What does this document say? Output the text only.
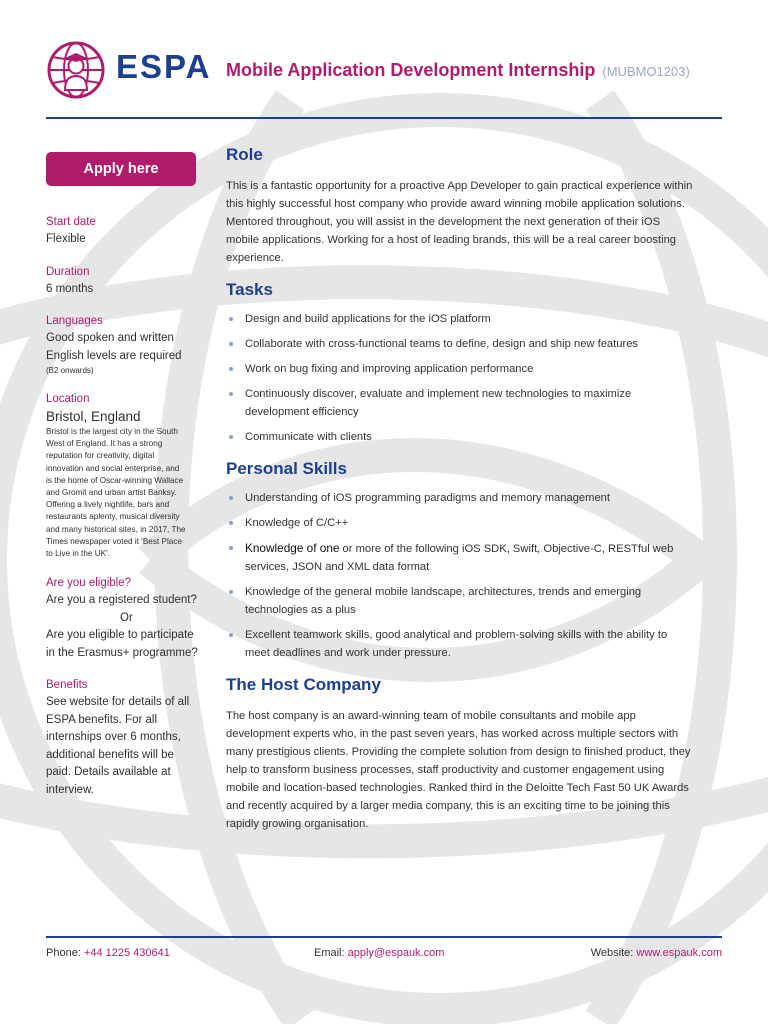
ESPA Mobile Application Development Internship (MUBMO1203)
Apply here
Start date
Flexible
Duration
6 months
Languages
Good spoken and written
English levels are required
(B2 onwards)
Location
Bristol, England
Bristol is the largest city in the South
West of England. It has a strong
reputation for creativity, digital
innovation and social enterprise, and
is the home of Oscar-winning Wallace
and Gromit and urban artist Banksy.
Offering a lively nightlife, bars and
restaurants aplenty, musical diversity
and many historical sites, in 2017, The
Times newspaper voted it 'Best Place
to Live in the UK'.
Are you eligible?
Are you a registered student?
Or
Are you eligible to participate
in the Erasmus+ programme?
Benefits
See website for details of all
ESPA benefits. For all
internships over 6 months,
additional benefits will be
paid. Details available at
interview.
Role
This is a fantastic opportunity for a proactive App Developer to gain practical experience within
this highly successful host company who provide award winning mobile application solutions.
Mentored throughout, you will assist in the development the next generation of their iOS
mobile applications. Working for a host of leading brands, this will be a real career boosting
experience.
Tasks
Design and build applications for the iOS platform
Collaborate with cross-functional teams to define, design and ship new features
Work on bug fixing and improving application performance
Continuously discover, evaluate and implement new technologies to maximize
development efficiency
Communicate with clients
Personal Skills
Understanding of iOS programming paradigms and memory management
Knowledge of C/C++
Knowledge of one or more of the following iOS SDK, Swift, Objective-C, RESTful web
services, JSON and XML data format
Knowledge of the general mobile landscape, architectures, trends and emerging
technologies as a plus
Excellent teamwork skills, good analytical and problem-solving skills with the ability to
meet deadlines and work under pressure.
The Host Company
The host company is an award-winning team of mobile consultants and mobile app
development experts who, in the past seven years, has worked across multiple sectors with
many prestigious clients. Providing the complete solution from design to finished product, they
help to transform business processes, staff productivity and customer engagement using
mobile and location-based technologies. Ranked third in the Deloitte Tech Fast 50 UK Awards
and recently acquired by a larger media company, this is an exciting time to be joining this
rapidly growing organisation.
Phone: +44 1225 430641	Email: apply@espauk.com	Website: www.espauk.com
